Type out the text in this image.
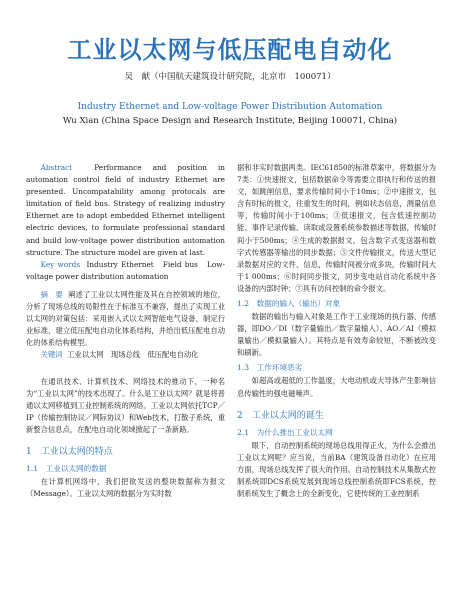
工业以太网与低压配电自动化
吴　献（中国航天建筑设计研究院，北京市　100071）
Industry Ethernet and Low-voltage Power Distribution Automation
Wu Xian (China Space Design and Research Institute, Beijing 100071, China)

Abstract	Performance and position in automation control field of industry Ethernet are presented. Uncompatability among protocals are limitation of field bus. Strategy of realizing industry Ethernet are to adopt embedded Ethernet intelligent electric devices, to formulate professional standard and build low-voltage power distribution automation structure. The structure model are given at last.

Key words Industry Ethernet　Field bus　Low-voltage power distribution automation

摘　要 阐述了工业以太网性能及其在自控领域的地位，分析了现场总线的局限性在于标准互不兼容，提出了实现工业以太网的对策包括：采用嵌入式以太网智能电气设备，制定行业标准，建立低压配电自动化体系结构，并给出低压配电自动化的体系结构模型。

关键词 工业以太网　现场总线　低压配电自动化

在通讯技术、计算机技术、网络技术的推动下，一种名为“工业以太网”的技术出现了。什么是工业以太网？就是将普通以太网移植到工业控制系统的网络。工业以太网依托TCP／IP（传输控制协议／网际协议）和Web技术，打散子系统，重新整合信息点，在配电自动化领域掀起了一条新路。

1　工业以太网的特点
1.1　工业以太网的数据

在计算机网络中，我们把欲发送的整块数据称为报文（Message）。工业以太网的数据分为实时数

据和非实时数据两类。IEC61850的标准草案中，将数据分为7类：①快速报文，包括数据命令等需要立即执行和传送的报文，如跳闸信息，要求传输时间小于10ms；②中速报文，包含有时标的报文，往重发生的时间，例如状态信息，测量信息等，传输时间小于100ms；③低速报文，包含低速控制功能、事件记录传输、读取或设置系统参数描述等数据，传输时间小于500ms；④生成的数据报文，包含数字式变送器和数字式传感器等输出的同步数据；⑤文件传输报文，传送大型记录数据对应的文件、信息，传输时间被分成多块，传输时间大于1 000ms；⑥时间同步报文，同步变电站自动化系统中各设备的内部时钟；⑦具有访问控制的命令报文。

1.2　数据的输入（输出）对象

数据的输出与输入对象是工作于工业现场的执行器、传感器，即DO／DI（数字量输出／数字量输入）、AO／AI（模拟量输出／模拟量输入）。其特点是有效寿命较短，不断被改变和刷新。

1.3　工作环境恶劣

如超高或超低的工作温度，大电动机或大导体产生影响信息传输性的强电磁噪声。

2　工业以太网的诞生
2.1　为什么推出工业以太网

眼下，自动控制系统的现场总线用得正火，为什么会推出工业以太网呢？应当说，当前BA（建筑设备自动化）在应用方面，现场总线发挥了很大的作用。自动控制技术从集散式控制系统即DCS系统发展到现场总线控制系统即FCS系统，控制系统发生了概念上的全新变化，它使传统的工业控制系
